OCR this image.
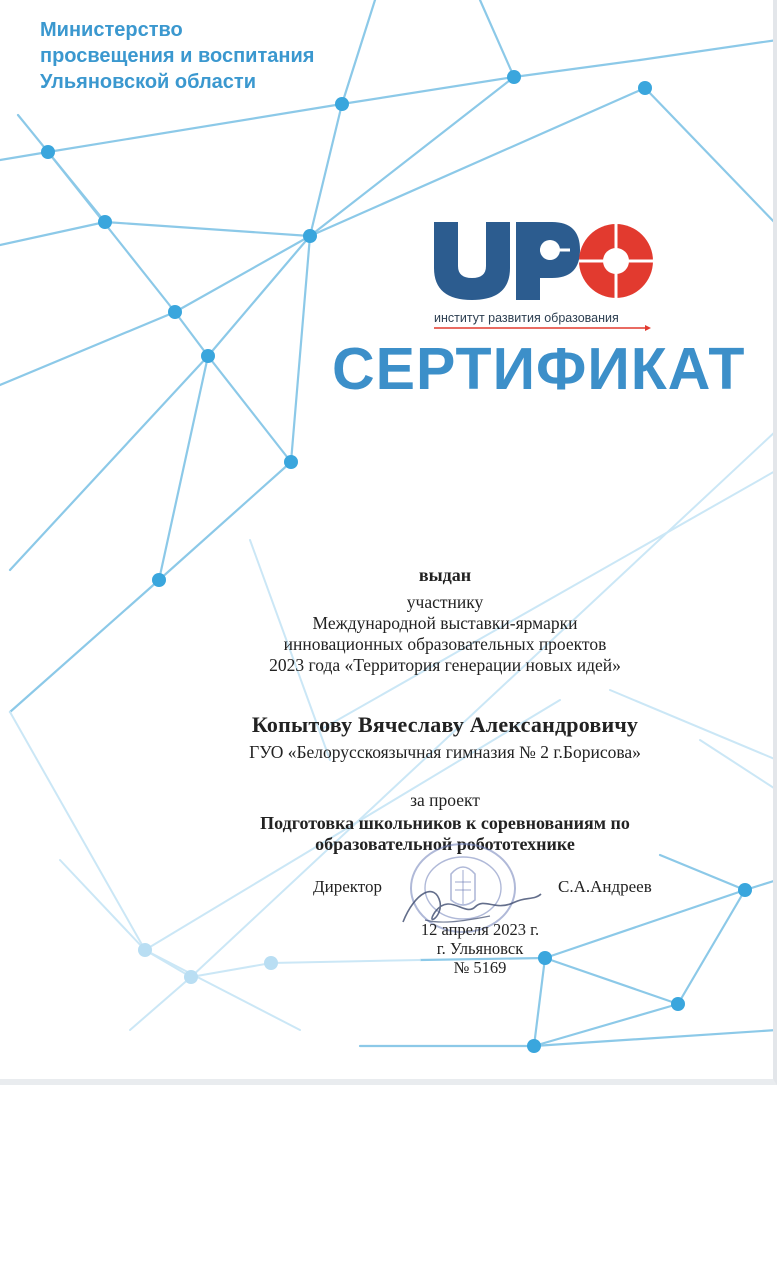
Министерство
просвещения и воспитания
Ульяновской области
институт развития образования
СЕРТИФИКАТ
выдан
участнику
Международной выставки-ярмарки
инновационных образовательных проектов
2023 года «Территория генерации новых идей»
Копытову Вячеславу Александровичу
ГУО «Белорусскоязычная гимназия № 2 г.Борисова»
за проект
Подготовка школьников к соревнованиям по
образовательной робототехнике
Директор	С.А.Андреев
12 апреля 2023 г.
г. Ульяновск
№ 5169
